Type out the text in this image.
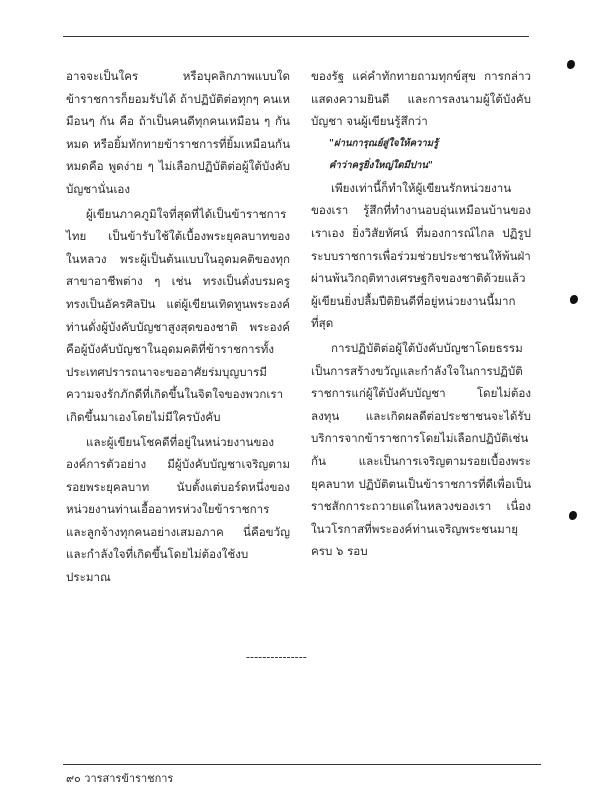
อาจจะเป็นใคร หรือบุคลิกภาพแบบใด ข้าราชการก็ยอมรับได้ ถ้าปฏิบัติต่อทุกๆ คนเหมือนๆ กัน คือ ถ้าเป็นคนดีทุกคนเหมือน ๆ กันหมด หรือยิ้มทักทายข้าราชการที่ยิ้มเหมือนกันหมดคือ พูดง่าย ๆ ไม่เลือกปฏิบัติต่อผู้ใต้บังคับบัญชานั่นเอง

ผู้เขียนภาคภูมิใจที่สุดที่ได้เป็นข้าราชการไทย เป็นข้ารับใช้ใต้เบื้องพระยุคลบาทของในหลวง พระผู้เป็นต้นแบบในอุดมคติของทุกสาขาอาชีพต่าง ๆ เช่น ทรงเป็นดั่งบรมครู ทรงเป็นอัครศิลปิน แต่ผู้เขียนเทิดทูนพระองค์ท่านดั่งผู้บังคับบัญชาสูงสุดของชาติ พระองค์คือผู้บังคับบัญชาในอุดมคติที่ข้าราชการทั้งประเทศปรารถนาจะขออาศัยร่มบุญบารมี ความจงรักภักดีที่เกิดขึ้นในจิตใจของพวกเราเกิดขึ้นมาเองโดยไม่มีใครบังคับ

และผู้เขียนโชคดีที่อยู่ในหน่วยงานของ องค์การตัวอย่าง มีผู้บังคับบัญชาเจริญตามรอยพระยุคลบาท นับตั้งแต่บอร์ดหนึ่งของหน่วยงานท่านเอื้ออาทรห่วงใยข้าราชการและลูกจ้างทุกคนอย่างเสมอภาค นี่คือขวัญและกำลังใจที่เกิดขึ้นโดยไม่ต้องใช้งบประมาณ

ของรัฐ แค่คำทักทายถามทุกข์สุข การกล่าวแสดงความยินดี และการลงนามผู้ใต้บังคับบัญชา จนผู้เขียนรู้สึกว่า

"ผ่านการุณย์สู่ใจให้ความรู้

คำว่าครูยิ่งใหญ่ใดมีปาน"

เพียงเท่านี้ก็ทำให้ผู้เขียนรักหน่วยงานของเรา รู้สึกที่ทำงานอบอุ่นเหมือนบ้านของเราเอง ยิ่งวิสัยทัศน์ ที่มองการณ์ไกล ปฏิรูประบบราชการเพื่อร่วมช่วยประชาชนให้พ้นฝ่าผ่านพ้นวิกฤติทางเศรษฐกิจของชาติด้วยแล้วผู้เขียนยิ่งปลื้มปีติยินดีที่อยู่หน่วยงานนี้มากที่สุด

การปฏิบัติต่อผู้ใต้บังคับบัญชาโดยธรรม เป็นการสร้างขวัญและกำลังใจในการปฏิบัติราชการแก่ผู้ใต้บังคับบัญชา โดยไม่ต้องลงทุน และเกิดผลดีต่อประชาชนจะได้รับบริการจากข้าราชการโดยไม่เลือกปฏิบัติเช่นกัน และเป็นการเจริญตามรอยเบื้องพระยุคลบาท ปฏิบัติตนเป็นข้าราชการที่ดีเพื่อเป็นราชสักการะถวายแด่ในหลวงของเรา เนื่องในวโรกาสที่พระองค์ท่านเจริญพระชนมายุครบ ๖ รอบ

---------------
๙๐ วารสารข้าราชการ
